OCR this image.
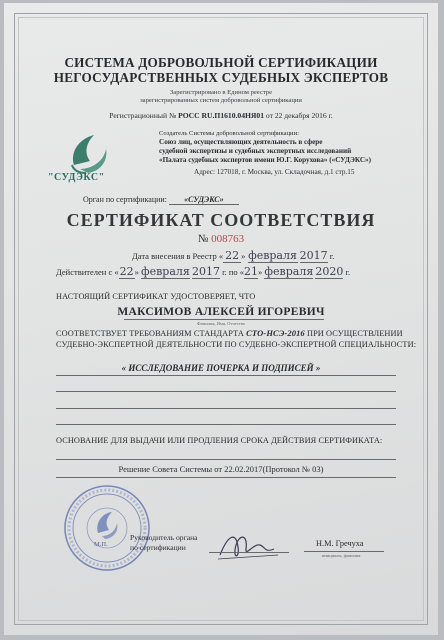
СИСТЕМА ДОБРОВОЛЬНОЙ СЕРТИФИКАЦИИ
НЕГОСУДАРСТВЕННЫХ СУДЕБНЫХ ЭКСПЕРТОВ
Зарегистрировано в Едином реестре
зарегистрированных систем добровольной сертификации
Регистрационный № РОСС RU.П1610.04НЯ01 от 22 декабря 2016 г.
"СУДЭКС"
Создатель Системы добровольной сертификации:
Союз лиц, осуществляющих деятельность в сфере
судебной экспертизы и судебных экспертных исследований
«Палата судебных экспертов имени Ю.Г. Корухова» («СУДЭКС»)
Адрес: 127018, г. Москва, ул. Складочная, д.1 стр.15
Орган по сертификации: «СУДЭКС»
СЕРТИФИКАТ СООТВЕТСТВИЯ
№ 008763
Дата внесения в Реестр « 22 » февраля 2017 г.
Действителен с «22» февраля 2017 г. по «21» февраля 2020 г.
НАСТОЯЩИЙ СЕРТИФИКАТ УДОСТОВЕРЯЕТ, ЧТО
МАКСИМОВ АЛЕКСЕЙ ИГОРЕВИЧ
Фамилия, Имя, Отчество
СООТВЕТСТВУЕТ ТРЕБОВАНИЯМ СТАНДАРТА СТО-НСЭ-2016 ПРИ ОСУЩЕСТВЛЕНИИ
СУДЕБНО-ЭКСПЕРТНОЙ ДЕЯТЕЛЬНОСТИ ПО СУДЕБНО-ЭКСПЕРТНОЙ СПЕЦИАЛЬНОСТИ:
« ИССЛЕДОВАНИЕ ПОЧЕРКА И ПОДПИСЕЙ »
ОСНОВАНИЕ ДЛЯ ВЫДАЧИ ИЛИ ПРОДЛЕНИЯ СРОКА ДЕЙСТВИЯ СЕРТИФИКАТА:
Решение Совета Системы от 22.02.2017(Протокол № 03)
М.П.
Руководитель органа
по сертификации	Н.М. Гречуха
инициалы, фамилия
